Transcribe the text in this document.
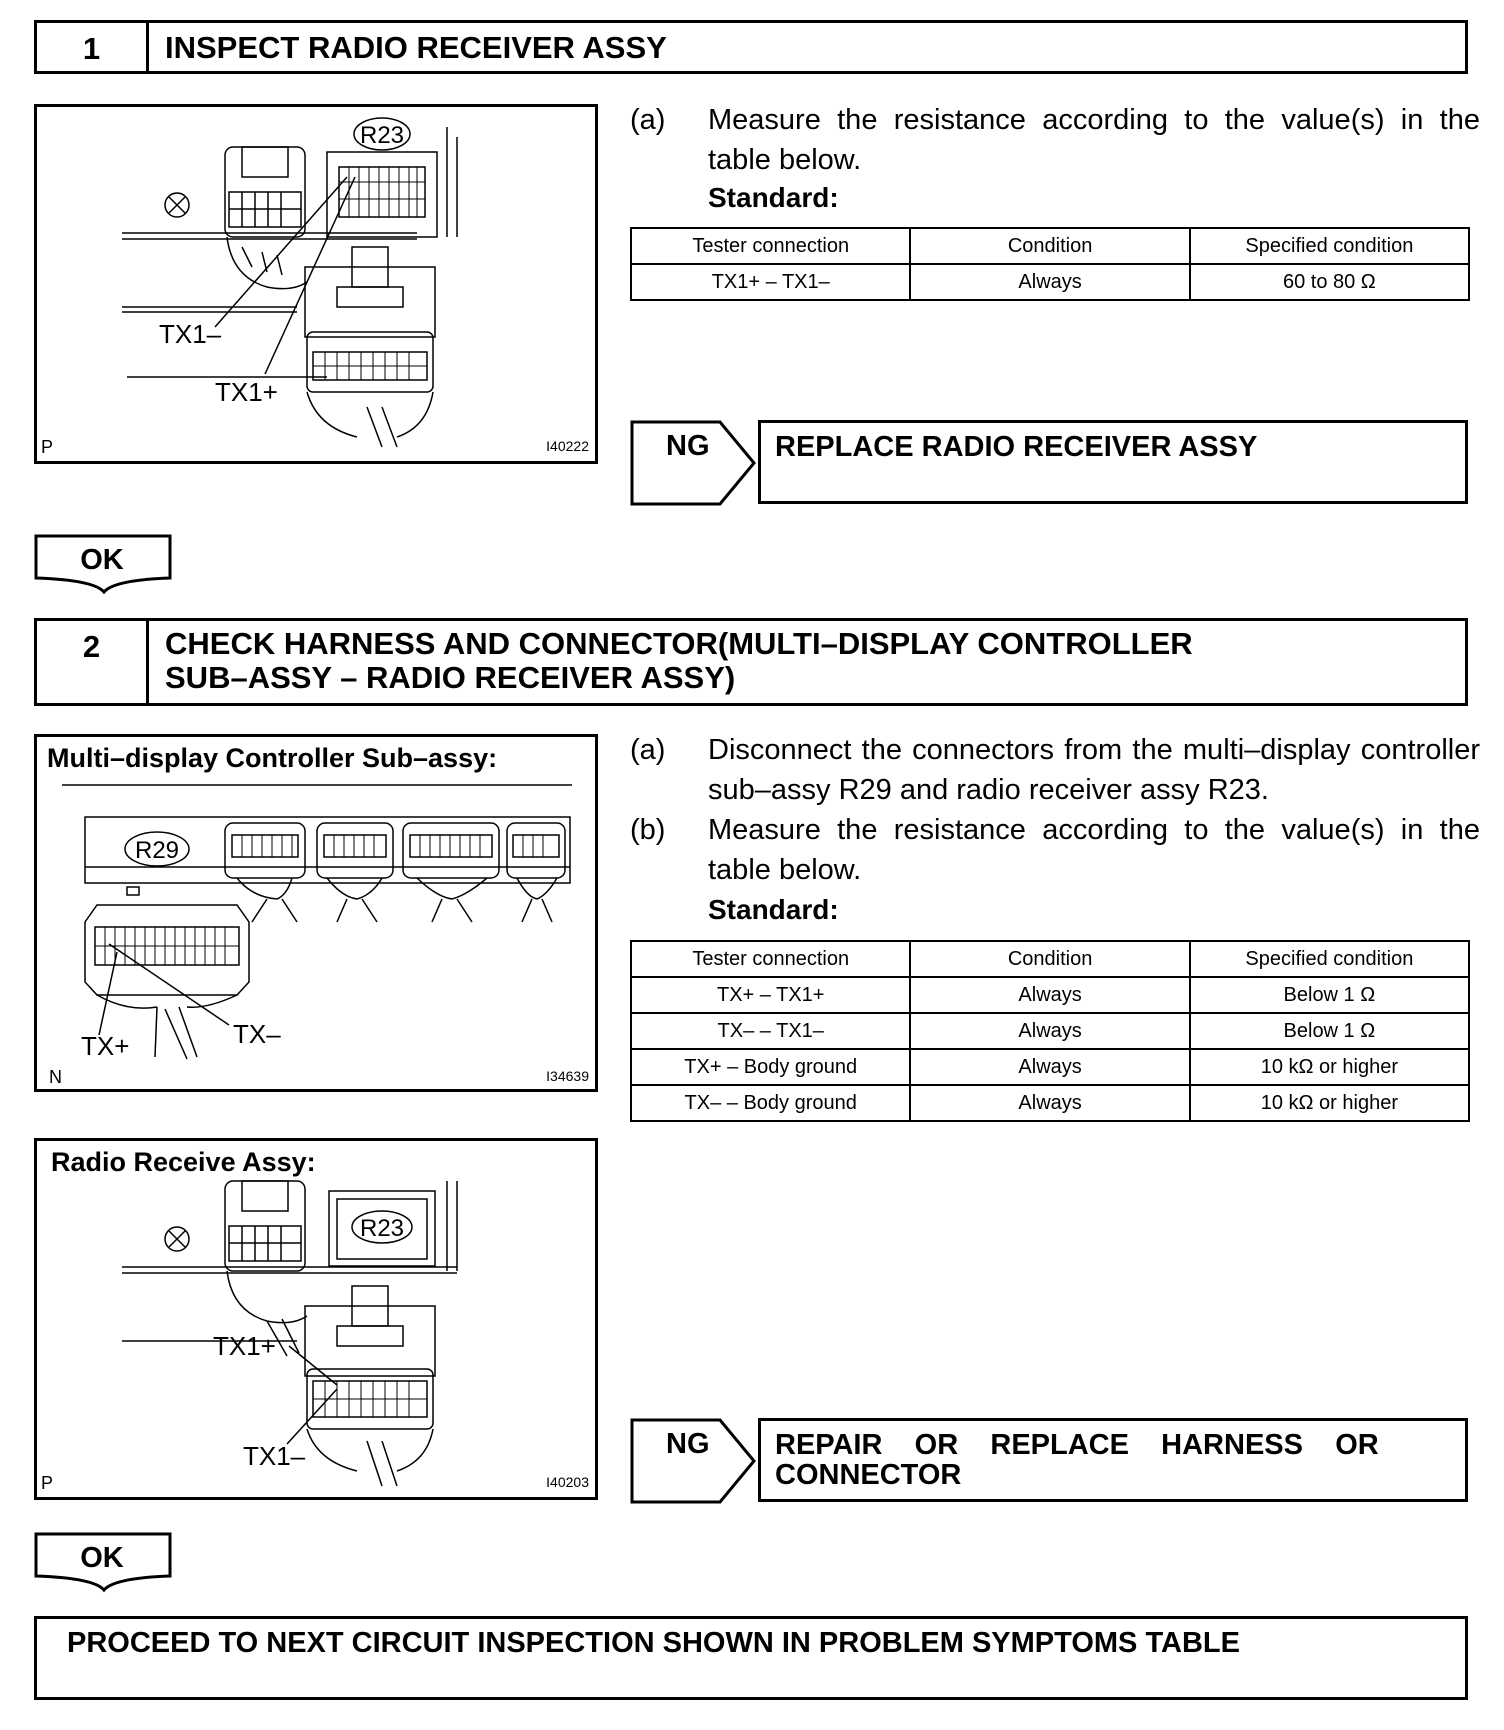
1	INSPECT RADIO RECEIVER ASSY
R23
TX1–
TX1+
P	I40222
(a) Measure the resistance according to the value(s) in the table below.
Standard:
Tester connection	Condition	Specified condition
TX1+ – TX1–	Always	60 to 80 Ω
NG REPLACE RADIO RECEIVER ASSY
OK
2	CHECK HARNESS AND CONNECTOR(MULTI–DISPLAY CONTROLLER
SUB–ASSY – RADIO RECEIVER ASSY)
Multi–display Controller Sub–assy:
R29
TX+	TX–
N	I34639
Radio Receive Assy:
R23
TX1+
TX1–
P	I40203
(a) Disconnect the connectors from the multi–display controller sub–assy R29 and radio receiver assy R23.
(b) Measure the resistance according to the value(s) in the table below.
Standard:
Tester connection	Condition	Specified condition
TX+ – TX1+	Always	Below 1 Ω
TX– – TX1–	Always	Below 1 Ω
TX+ – Body ground	Always	10 kΩ or higher
TX– – Body ground	Always	10 kΩ or higher
NG REPAIR    OR    REPLACE    HARNESS    OR
CONNECTOR
OK
PROCEED TO NEXT CIRCUIT INSPECTION SHOWN IN PROBLEM SYMPTOMS TABLE
